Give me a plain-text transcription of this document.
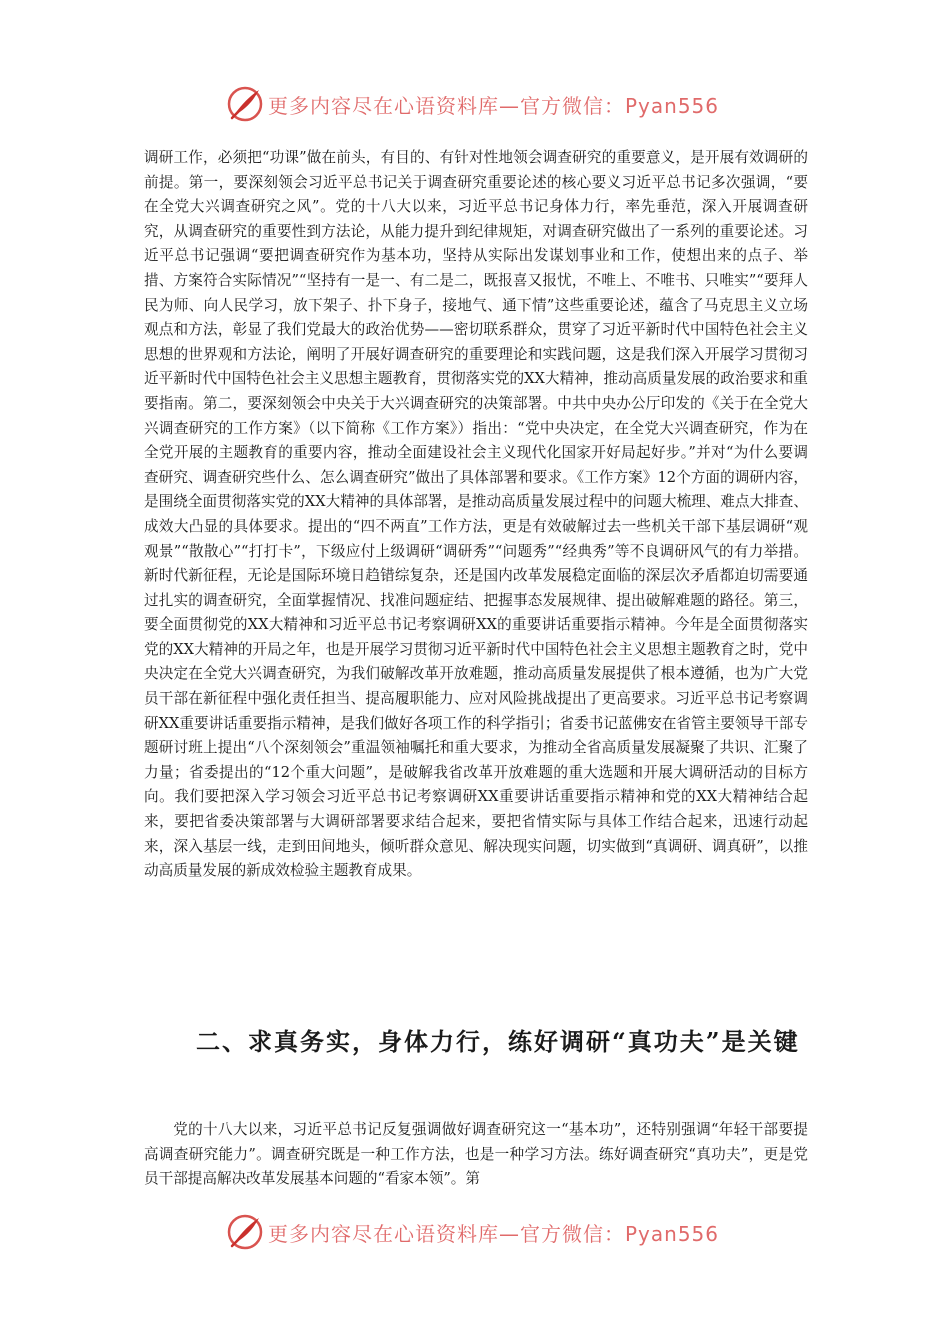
更多内容尽在心语资料库—官方微信：Pyan556

调研工作，必须把“功课”做在前头，有目的、有针对性地领会调查研究的重要意义，是开展有效调研的前提。第一，要深刻领会习近平总书记关于调查研究重要论述的核心要义习近平总书记多次强调，“要在全党大兴调查研究之风”。党的十八大以来，习近平总书记身体力行，率先垂范，深入开展调查研究，从调查研究的重要性到方法论，从能力提升到纪律规矩，对调查研究做出了一系列的重要论述。习近平总书记强调“要把调查研究作为基本功，坚持从实际出发谋划事业和工作，使想出来的点子、举措、方案符合实际情况”“坚持有一是一、有二是二，既报喜又报忧，不唯上、不唯书、只唯实”“要拜人民为师、向人民学习，放下架子、扑下身子，接地气、通下情”这些重要论述，蕴含了马克思主义立场观点和方法，彰显了我们党最大的政治优势——密切联系群众，贯穿了习近平新时代中国特色社会主义思想的世界观和方法论，阐明了开展好调查研究的重要理论和实践问题，这是我们深入开展学习贯彻习近平新时代中国特色社会主义思想主题教育，贯彻落实党的XX大精神，推动高质量发展的政治要求和重要指南。第二，要深刻领会中央关于大兴调查研究的决策部署。中共中央办公厅印发的《关于在全党大兴调查研究的工作方案》（以下简称《工作方案》）指出：“党中央决定，在全党大兴调查研究，作为在全党开展的主题教育的重要内容，推动全面建设社会主义现代化国家开好局起好步。”并对“为什么要调查研究、调查研究些什么、怎么调查研究”做出了具体部署和要求。《工作方案》12个方面的调研内容，是围绕全面贯彻落实党的XX大精神的具体部署，是推动高质量发展过程中的问题大梳理、难点大排查、成效大凸显的具体要求。提出的“四不两直”工作方法，更是有效破解过去一些机关干部下基层调研“观观景”“散散心”“打打卡”，下级应付上级调研“调研秀”“问题秀”“经典秀”等不良调研风气的有力举措。新时代新征程，无论是国际环境日趋错综复杂，还是国内改革发展稳定面临的深层次矛盾都迫切需要通过扎实的调查研究，全面掌握情况、找准问题症结、把握事态发展规律、提出破解难题的路径。第三，要全面贯彻党的XX大精神和习近平总书记考察调研XX的重要讲话重要指示精神。今年是全面贯彻落实党的XX大精神的开局之年，也是开展学习贯彻习近平新时代中国特色社会主义思想主题教育之时，党中央决定在全党大兴调查研究，为我们破解改革开放难题，推动高质量发展提供了根本遵循，也为广大党员干部在新征程中强化责任担当、提高履职能力、应对风险挑战提出了更高要求。习近平总书记考察调研XX重要讲话重要指示精神，是我们做好各项工作的科学指引；省委书记蓝佛安在省管主要领导干部专题研讨班上提出“八个深刻领会”重温领袖嘱托和重大要求，为推动全省高质量发展凝聚了共识、汇聚了力量；省委提出的“12个重大问题”，是破解我省改革开放难题的重大选题和开展大调研活动的目标方向。我们要把深入学习领会习近平总书记考察调研XX重要讲话重要指示精神和党的XX大精神结合起来，要把省委决策部署与大调研部署要求结合起来，要把省情实际与具体工作结合起来，迅速行动起来，深入基层一线，走到田间地头，倾听群众意见、解决现实问题，切实做到“真调研、调真研”，以推动高质量发展的新成效检验主题教育成果。

二、求真务实，身体力行，练好调研“真功夫”是关键

党的十八大以来，习近平总书记反复强调做好调查研究这一“基本功”，还特别强调“年轻干部要提高调查研究能力”。调查研究既是一种工作方法，也是一种学习方法。练好调查研究“真功夫”，更是党员干部提高解决改革发展基本问题的“看家本领”。第

更多内容尽在心语资料库—官方微信：Pyan556
